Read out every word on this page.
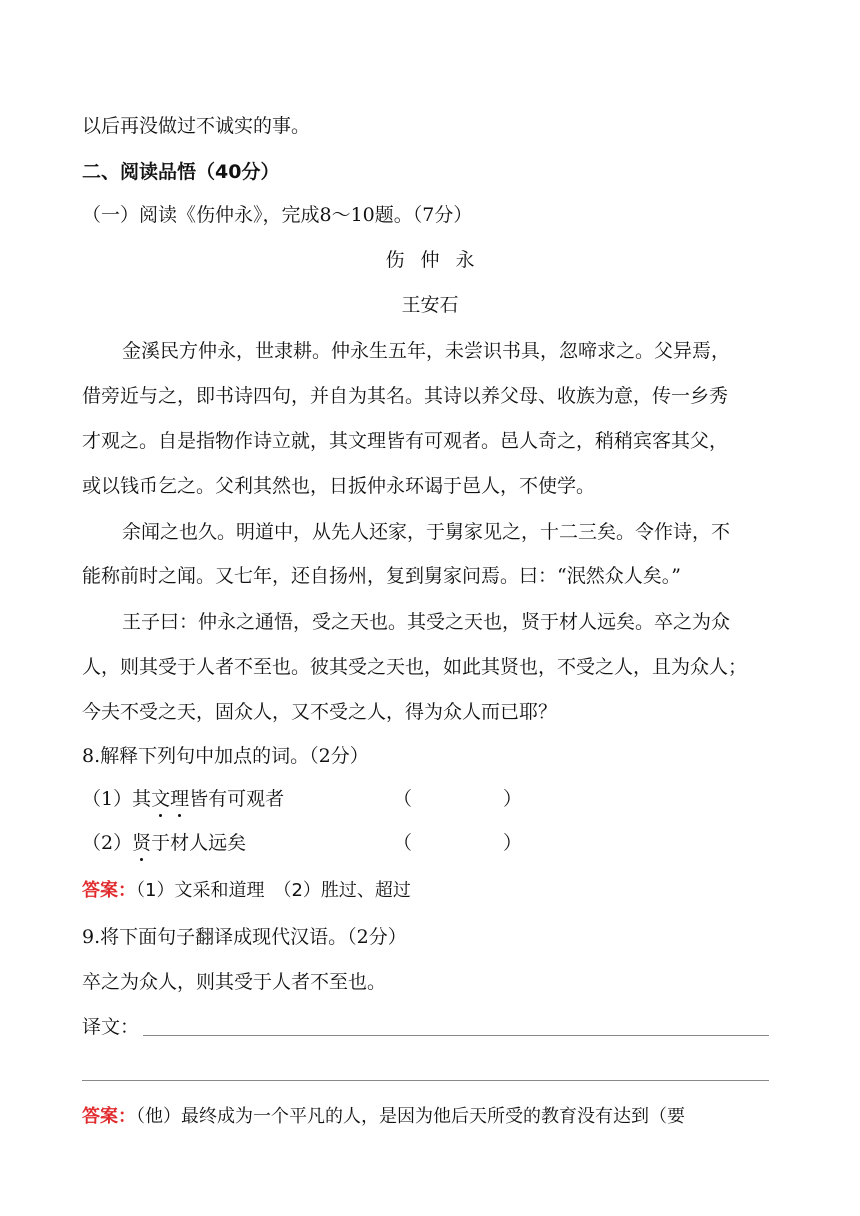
以后再没做过不诚实的事。
二、阅读品悟（40分）
（一）阅读《伤仲永》，完成8～10题。（7分）
伤 仲 永
王安石
金溪民方仲永，世隶耕。仲永生五年，未尝识书具，忽啼求之。父异焉，
借旁近与之，即书诗四句，并自为其名。其诗以养父母、收族为意，传一乡秀
才观之。自是指物作诗立就，其文理皆有可观者。邑人奇之，稍稍宾客其父，
或以钱币乞之。父利其然也，日扳仲永环谒于邑人，不使学。
余闻之也久。明道中，从先人还家，于舅家见之，十二三矣。令作诗，不
能称前时之闻。又七年，还自扬州，复到舅家问焉。曰：“泯然众人矣。”
王子曰：仲永之通悟，受之天也。其受之天也，贤于材人远矣。卒之为众
人，则其受于人者不至也。彼其受之天也，如此其贤也，不受之人，且为众人；
今夫不受之天，固众人，又不受之人，得为众人而已耶？
8.解释下列句中加点的词。（2分）
（1）其文理皆有可观者	（	）
（2）贤于材人远矣	（	）
答案：（1）文采和道理　（2）胜过、超过
9.将下面句子翻译成现代汉语。（2分）
卒之为众人，则其受于人者不至也。
译文：
答案：（他）最终成为一个平凡的人，是因为他后天所受的教育没有达到（要
